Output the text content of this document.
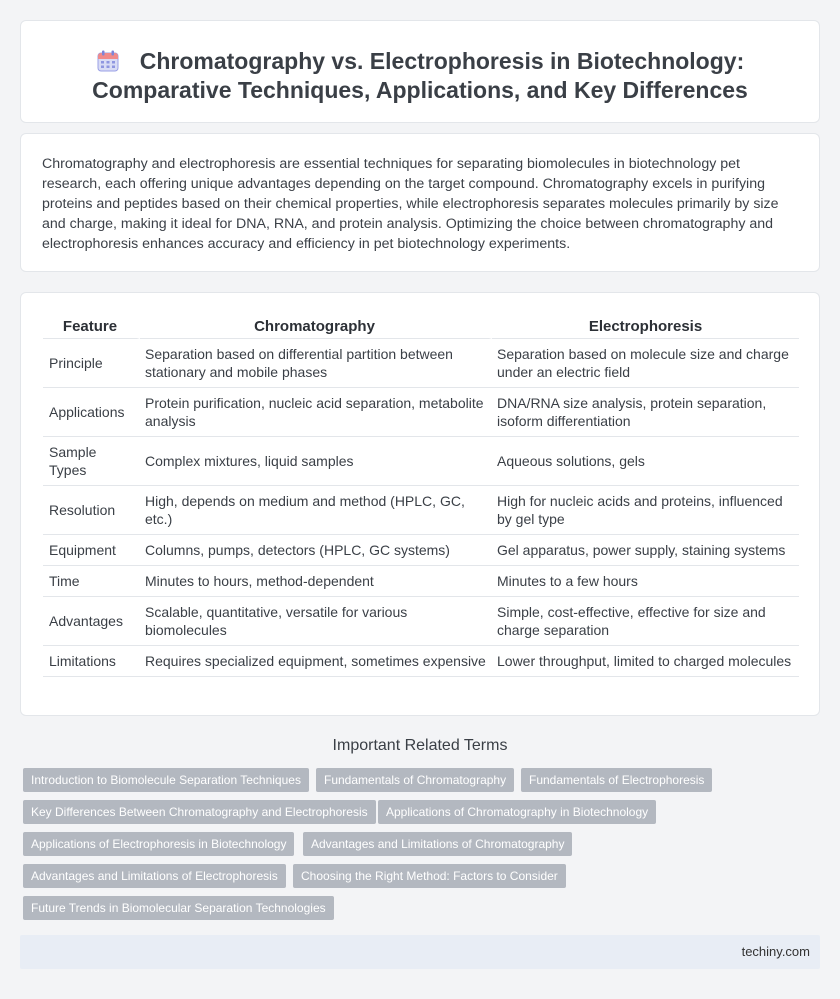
Chromatography vs. Electrophoresis in Biotechnology: Comparative Techniques, Applications, and Key Differences

Chromatography and electrophoresis are essential techniques for separating biomolecules in biotechnology pet research, each offering unique advantages depending on the target compound. Chromatography excels in purifying proteins and peptides based on their chemical properties, while electrophoresis separates molecules primarily by size and charge, making it ideal for DNA, RNA, and protein analysis. Optimizing the choice between chromatography and electrophoresis enhances accuracy and efficiency in pet biotechnology experiments.

Feature	Chromatography	Electrophoresis
Principle	Separation based on differential partition between stationary and mobile phases	Separation based on molecule size and charge under an electric field
Applications	Protein purification, nucleic acid separation, metabolite analysis	DNA/RNA size analysis, protein separation, isoform differentiation
Sample Types	Complex mixtures, liquid samples	Aqueous solutions, gels
Resolution	High, depends on medium and method (HPLC, GC, etc.)	High for nucleic acids and proteins, influenced by gel type
Equipment	Columns, pumps, detectors (HPLC, GC systems)	Gel apparatus, power supply, staining systems
Time	Minutes to hours, method-dependent	Minutes to a few hours
Advantages	Scalable, quantitative, versatile for various biomolecules	Simple, cost-effective, effective for size and charge separation
Limitations	Requires specialized equipment, sometimes expensive	Lower throughput, limited to charged molecules
Important Related Terms
Introduction to Biomolecule Separation Techniques	Fundamentals of Chromatography	Fundamentals of Electrophoresis
Key Differences Between Chromatography and Electrophoresis	Applications of Chromatography in Biotechnology
Applications of Electrophoresis in Biotechnology	Advantages and Limitations of Chromatography
Advantages and Limitations of Electrophoresis	Choosing the Right Method: Factors to Consider
Future Trends in Biomolecular Separation Technologies
techiny.com
